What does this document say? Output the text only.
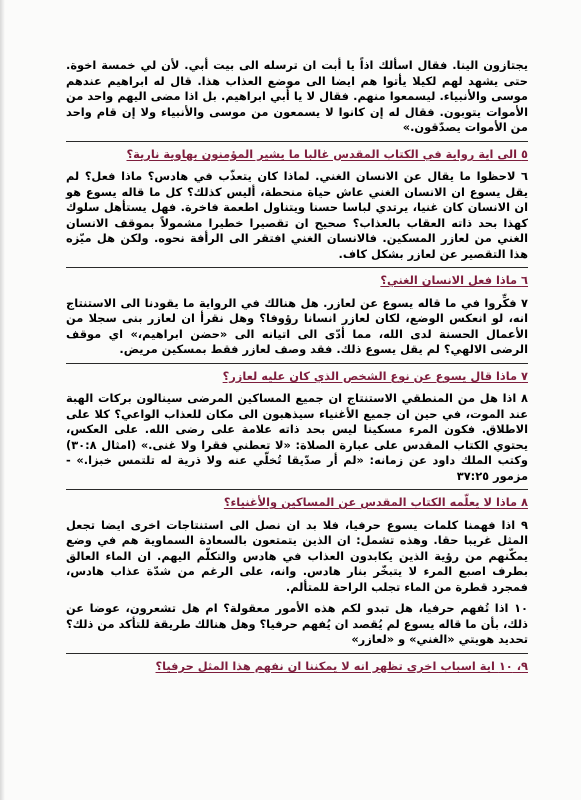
يجتازون الينا. فقال اسألك اذاً يا أبت ان ترسله الى بيت أبي. لأن لي خمسة اخوة. حتى يشهد لهم لكيلا يأتوا هم ايضا الى موضع العذاب هذا. قال له ابراهيم عندهم موسى والأنبياء. ليسمعوا منهم. فقال لا يا أبي ابراهيم. بل اذا مضى اليهم واحد من الأموات يتوبون. فقال له إن كانوا لا يسمعون من موسى والأنبياء ولا إن قام واحد من الأموات يصدّقون.»

٥ الى اية رواية في الكتاب المقدس غالبا ما يشير المؤمنون بهاوية نارية؟

٦ لاحظوا ما يقال عن الانسان الغني. لماذا كان يتعذّب في هادس؟ ماذا فعل؟ لم يقل يسوع ان الانسان الغني عاش حياة منحطة، أليس كذلك؟ كل ما قاله يسوع هو ان الانسان كان غنيا، يرتدي لباسا حسنا ويتناول اطعمة فاخرة. فهل يستأهل سلوك كهذا بحد ذاته العقاب بالعذاب؟ صحيح ان تقصيرا خطيرا مشمولاً بموقف الانسان الغني من لعازر المسكين. فالانسان الغني افتقر الى الرأفة نحوه. ولكن هل ميّزه هذا التقصير عن لعازر بشكل كاف.

٦ ماذا فعل الانسان الغني؟

٧ فكِّروا في ما قاله يسوع عن لعازر. هل هنالك في الرواية ما يقودنا الى الاستنتاج انه، لو انعكس الوضع، لكان لعازر انسانا رؤوفا؟ وهل نقرأ ان لعازر بنى سجلا من الأعمال الحسنة لدى الله، مما أدّى الى اتيانه الى «حضن ابراهيم،» اي موقف الرضى الالهي؟ لم يقل يسوع ذلك. فقد وصف لعازر فقط بمسكين مريض.

٧ ماذا قال يسوع عن نوع الشخص الذي كان عليه لعازر؟

٨ اذا هل من المنطقي الاستنتاج ان جميع المساكين المرضى سينالون بركات الهبة عند الموت، في حين ان جميع الأغنياء سيذهبون الى مكان للعذاب الواعي؟ كلا على الاطلاق. فكون المرء مسكينا ليس بحد ذاته علامة على رضى الله. على العكس، يحتوي الكتاب المقدس على عبارة الصلاة: «لا تعطني فقرا ولا غنى.» (امثال ٣٠:٨) وكتب الملك داود عن زمانه: «لم أر صدّيقا تُخلّي عنه ولا ذرية له تلتمس خبزا.» - مزمور ٣٧:٢٥

٨ ماذا لا يعلّمه الكتاب المقدس عن المساكين والأغنياء؟

٩ اذا فهمنا كلمات يسوع حرفيا، فلا بد ان نصل الى استنتاجات اخرى ايضا تجعل المثل غريبا حقا. وهذه تشمل: ان الذين يتمتعون بالسعادة السماوية هم في وضع يمكّنهم من رؤية الذين يكابدون العذاب في هادس والتكلّم اليهم. ان الماء العالق بطرف اصبع المرء لا يتبخّر بنار هادس. وانه، على الرغم من شدّة عذاب هادس، فمجرد قطرة من الماء تجلب الراحة للمتألم.

١٠ اذا تُفهم حرفيا، هل تبدو لكم هذه الأمور معقولة؟ ام هل تشعرون، عوضا عن ذلك، بأن ما قاله يسوع لم يُقصد ان يُفهم حرفيا؟ وهل هنالك طريقة للتأكد من ذلك؟ تحديد هويتي «الغني» و «لعازر»

٩، ١٠ اية اسباب اخرى تظهر انه لا يمكننا ان نفهم هذا المثل حرفيا؟
